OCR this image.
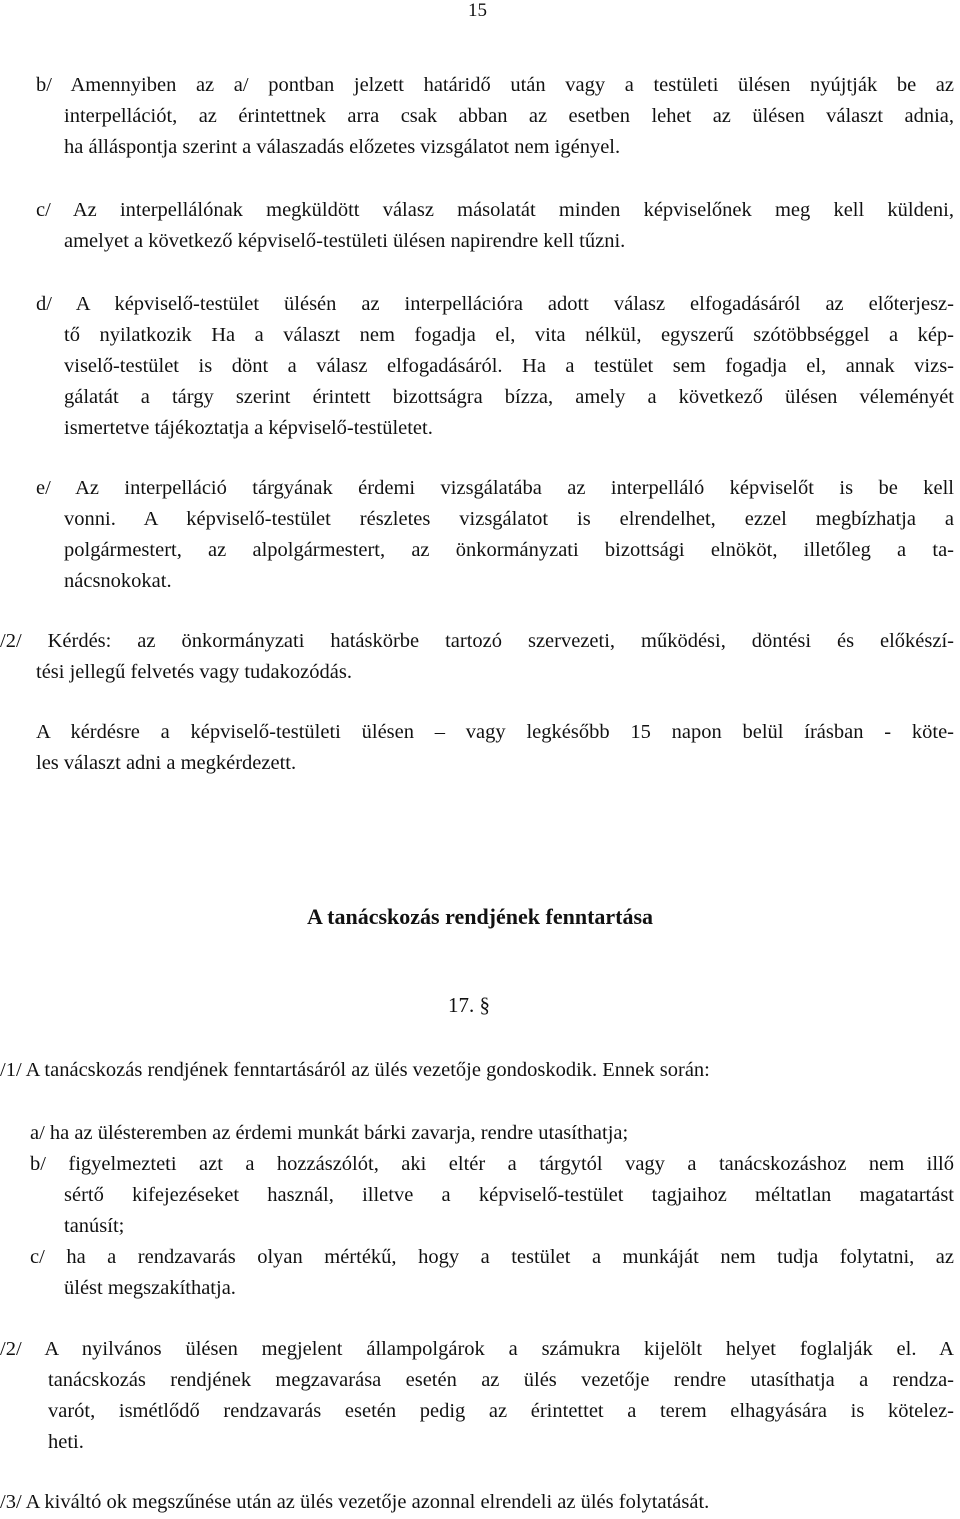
15
b/ Amennyiben az a/ pontban jelzett határidő után vagy a testületi ülésen nyújtják be az
interpellációt, az érintettnek arra csak abban az esetben lehet az ülésen választ adnia,
ha álláspontja szerint a válaszadás előzetes vizsgálatot nem igényel.
c/ Az interpellálónak megküldött válasz másolatát minden képviselőnek meg kell küldeni,
amelyet a következő képviselő-testületi ülésen napirendre kell tűzni.
d/ A képviselő-testület ülésén az interpellációra adott válasz elfogadásáról az előterjesz-
tő nyilatkozik Ha a választ nem fogadja el, vita nélkül, egyszerű szótöbbséggel a kép-
viselő-testület is dönt a válasz elfogadásáról. Ha a testület sem fogadja el, annak vizs-
gálatát a tárgy szerint érintett bizottságra bízza, amely a következő ülésen véleményét
ismertetve tájékoztatja a képviselő-testületet.
e/ Az interpelláció tárgyának érdemi vizsgálatába az interpelláló képviselőt is be kell
vonni. A képviselő-testület részletes vizsgálatot is elrendelhet, ezzel megbízhatja a
polgármestert, az alpolgármestert, az önkormányzati bizottsági elnököt, illetőleg a ta-
nácsnokokat.
/2/ Kérdés: az önkormányzati hatáskörbe tartozó szervezeti, működési, döntési és előkészí-
tési jellegű felvetés vagy tudakozódás.
A kérdésre a képviselő-testületi ülésen – vagy legkésőbb 15 napon belül írásban - köte-
les választ adni a megkérdezett.
A tanácskozás rendjének fenntartása
17. §
/1/ A tanácskozás rendjének fenntartásáról az ülés vezetője gondoskodik. Ennek során:
a/ ha az ülésteremben az érdemi munkát bárki zavarja, rendre utasíthatja;
b/ figyelmezteti azt a hozzászólót, aki eltér a tárgytól vagy a tanácskozáshoz nem illő
sértő kifejezéseket használ, illetve a képviselő-testület tagjaihoz méltatlan magatartást
tanúsít;
c/ ha a rendzavarás olyan mértékű, hogy a testület a munkáját nem tudja folytatni, az
ülést megszakíthatja.
/2/ A nyilvános ülésen megjelent állampolgárok a számukra kijelölt helyet foglalják el. A
tanácskozás rendjének megzavarása esetén az ülés vezetője rendre utasíthatja a rendza-
varót, ismétlődő rendzavarás esetén pedig az érintettet a terem elhagyására is kötelez-
heti.
/3/ A kiváltó ok megszűnése után az ülés vezetője azonnal elrendeli az ülés folytatását.
